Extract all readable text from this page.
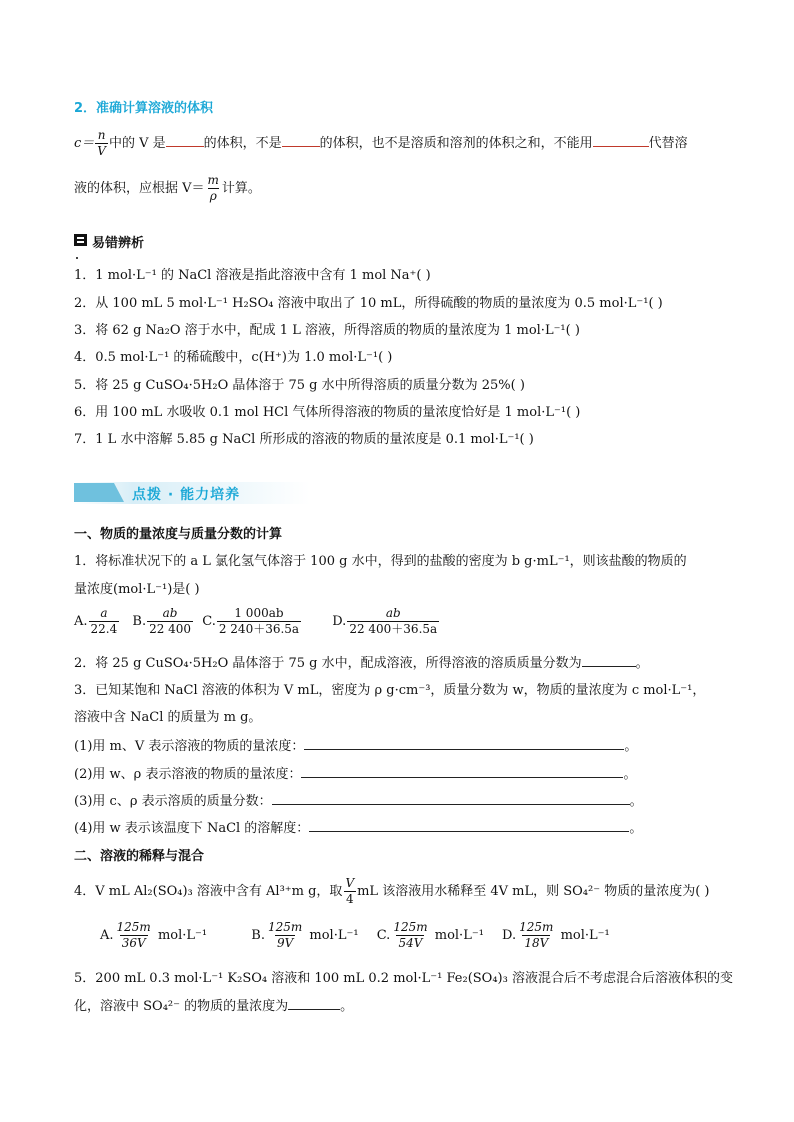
2．准确计算溶液的体积
$c= \frac{n}{V}$ 中的 V 是	的体积，不是	的体积，也不是溶质和溶剂的体积之和，不能用	代替溶
液的体积，应根据 $V= \frac{m}{\rho}$ 计算。
易错辨析
1．1 mol·L⁻¹ 的 NaCl 溶液是指此溶液中含有 1 mol Na⁺( )
2．从 100 mL 5 mol·L⁻¹ H₂SO₄ 溶液中取出了 10 mL，所得硫酸的物质的量浓度为 0.5 mol·L⁻¹( )
3．将 62 g Na₂O 溶于水中，配成 1 L 溶液，所得溶质的物质的量浓度为 1 mol·L⁻¹( )
4．0.5 mol·L⁻¹ 的稀硫酸中，c(H⁺)为 1.0 mol·L⁻¹( )
5．将 25 g CuSO₄·5H₂O 晶体溶于 75 g 水中所得溶质的质量分数为 25%( )
6．用 100 mL 水吸收 0.1 mol HCl 气体所得溶液的物质的量浓度恰好是 1 mol·L⁻¹( )
7．1 L 水中溶解 5.85 g NaCl 所形成的溶液的物质的量浓度是 0.1 mol·L⁻¹( )
点拨 · 能力培养
一、物质的量浓度与质量分数的计算
1．将标准状况下的 a L 氯化氢气体溶于 100 g 水中，得到的盐酸的密度为 b g·mL⁻¹，则该盐酸的物质的
量浓度(mol·L⁻¹)是( )
A. $\frac{a}{22.4} B$. $\frac{ab}{22 400} C$. $\frac{1 000ab}{2 240+36.5a} D$. $\frac{ab}{22 400+36.5a}$
2．将 25 g CuSO₄·5H₂O 晶体溶于 75 g 水中，配成溶液，所得溶液的溶质质量分数为	。
3．已知某饱和 NaCl 溶液的体积为 V mL，密度为 ρ g·cm⁻³，质量分数为 w，物质的量浓度为 c mol·L⁻¹，
溶液中含 NaCl 的质量为 m g。
(1)用 m、V 表示溶液的物质的量浓度：	。
(2)用 w、ρ 表示溶液的物质的量浓度：	。
(3)用 c、ρ 表示溶质的质量分数：	。
(4)用 w 表示该温度下 NaCl 的溶解度：	。
二、溶液的稀释与混合
4．V mL Al₂(SO₄)₃ 溶液中含有 Al³⁺m g，取 $\frac{V}{4}$ mL 该溶液用水稀释至 4V mL，则 SO₄²⁻ 物质的量浓度为( )
A. $\frac{125m}{36V} mol\cdot L^{-1}$	B. $\frac{125m}{9V} mol\cdot L^{-1}$ C. $\frac{125m}{54V} mol\cdot L^{-1}$ D. $\frac{125m}{18V} mol\cdot L^{-1}$
5．200 mL 0.3 mol·L⁻¹ K₂SO₄ 溶液和 100 mL 0.2 mol·L⁻¹ Fe₂(SO₄)₃ 溶液混合后不考虑混合后溶液体积的变
化，溶液中 SO₄²⁻ 的物质的量浓度为	。
